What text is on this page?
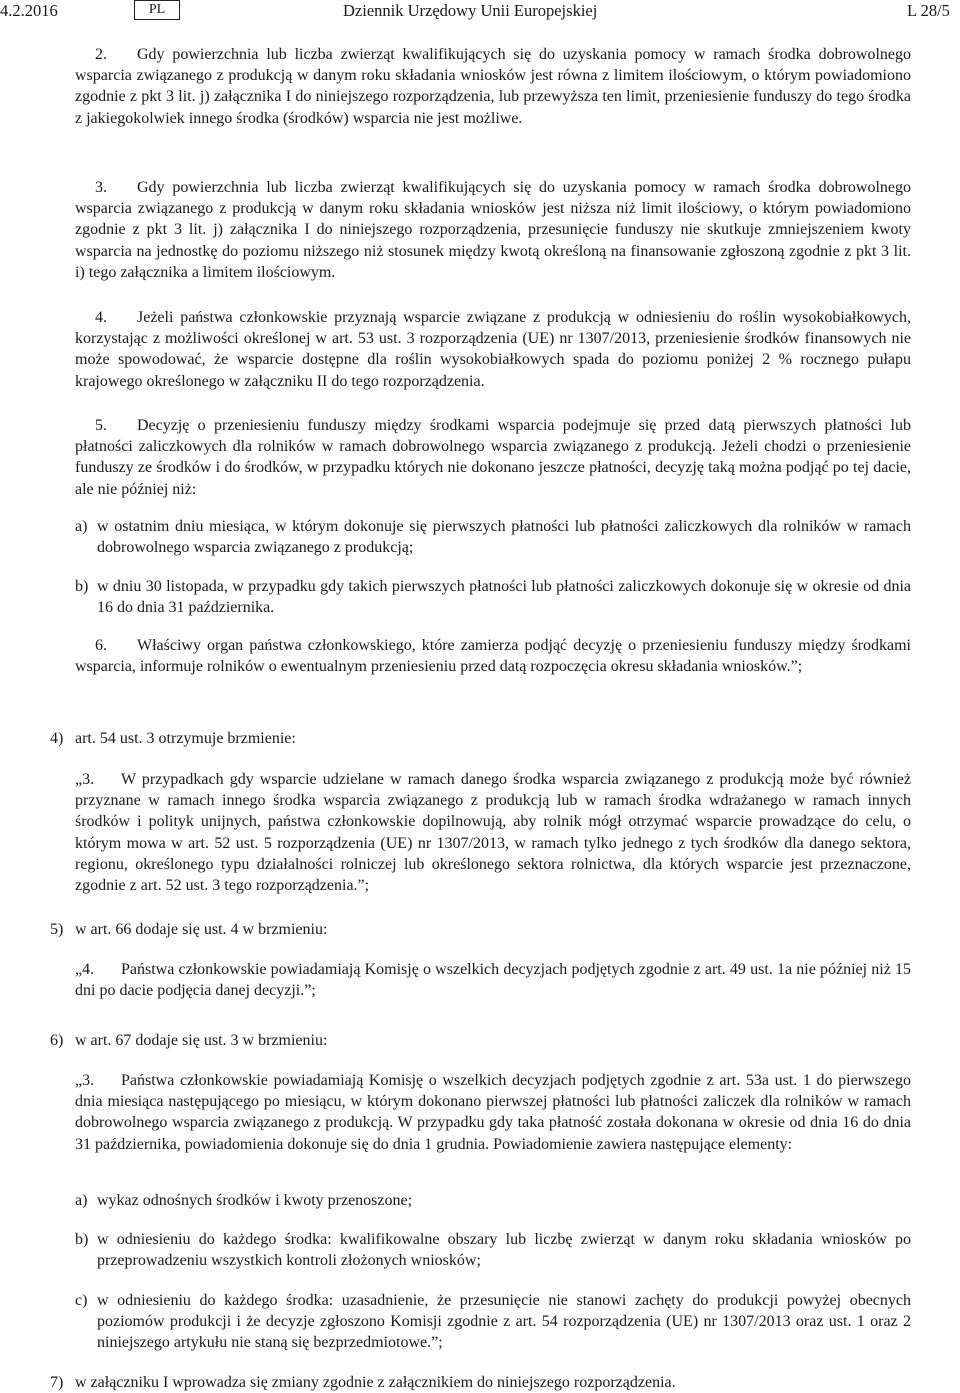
4.2.2016	PL	Dziennik Urzędowy Unii Europejskiej	L 28/5

2. Gdy powierzchnia lub liczba zwierząt kwalifikujących się do uzyskania pomocy w ramach środka dobrowolnego wsparcia związanego z produkcją w danym roku składania wniosków jest równa z limitem ilościowym, o którym powiadomiono zgodnie z pkt 3 lit. j) załącznika I do niniejszego rozporządzenia, lub przewyższa ten limit, przeniesienie funduszy do tego środka z jakiegokolwiek innego środka (środków) wsparcia nie jest możliwe.

3. Gdy powierzchnia lub liczba zwierząt kwalifikujących się do uzyskania pomocy w ramach środka dobrowolnego wsparcia związanego z produkcją w danym roku składania wniosków jest niższa niż limit ilościowy, o którym powiadomiono zgodnie z pkt 3 lit. j) załącznika I do niniejszego rozporządzenia, przesunięcie funduszy nie skutkuje zmniejszeniem kwoty wsparcia na jednostkę do poziomu niższego niż stosunek między kwotą określoną na finansowanie zgłoszoną zgodnie z pkt 3 lit. i) tego załącznika a limitem ilościowym.

4. Jeżeli państwa członkowskie przyznają wsparcie związane z produkcją w odniesieniu do roślin wysokobiałkowych, korzystając z możliwości określonej w art. 53 ust. 3 rozporządzenia (UE) nr 1307/2013, przeniesienie środków finansowych nie może spowodować, że wsparcie dostępne dla roślin wysokobiałkowych spada do poziomu poniżej 2 % rocznego pułapu krajowego określonego w załączniku II do tego rozporządzenia.

5. Decyzję o przeniesieniu funduszy między środkami wsparcia podejmuje się przed datą pierwszych płatności lub płatności zaliczkowych dla rolników w ramach dobrowolnego wsparcia związanego z produkcją. Jeżeli chodzi o przeniesienie funduszy ze środków i do środków, w przypadku których nie dokonano jeszcze płatności, decyzję taką można podjąć po tej dacie, ale nie później niż:

a) w ostatnim dniu miesiąca, w którym dokonuje się pierwszych płatności lub płatności zaliczkowych dla rolników w ramach dobrowolnego wsparcia związanego z produkcją;

b) w dniu 30 listopada, w przypadku gdy takich pierwszych płatności lub płatności zaliczkowych dokonuje się w okresie od dnia 16 do dnia 31 października.

6. Właściwy organ państwa członkowskiego, które zamierza podjąć decyzję o przeniesieniu funduszy między środkami wsparcia, informuje rolników o ewentualnym przeniesieniu przed datą rozpoczęcia okresu składania wniosków.”;

4) art. 54 ust. 3 otrzymuje brzmienie:

„3. W przypadkach gdy wsparcie udzielane w ramach danego środka wsparcia związanego z produkcją może być również przyznane w ramach innego środka wsparcia związanego z produkcją lub w ramach środka wdrażanego w ramach innych środków i polityk unijnych, państwa członkowskie dopilnowują, aby rolnik mógł otrzymać wsparcie prowadzące do celu, o którym mowa w art. 52 ust. 5 rozporządzenia (UE) nr 1307/2013, w ramach tylko jednego z tych środków dla danego sektora, regionu, określonego typu działalności rolniczej lub określonego sektora rolnictwa, dla których wsparcie jest przeznaczone, zgodnie z art. 52 ust. 3 tego rozporządzenia.”;

5) w art. 66 dodaje się ust. 4 w brzmieniu:

„4. Państwa członkowskie powiadamiają Komisję o wszelkich decyzjach podjętych zgodnie z art. 49 ust. 1a nie później niż 15 dni po dacie podjęcia danej decyzji.”;

6) w art. 67 dodaje się ust. 3 w brzmieniu:

„3. Państwa członkowskie powiadamiają Komisję o wszelkich decyzjach podjętych zgodnie z art. 53a ust. 1 do pierwszego dnia miesiąca następującego po miesiącu, w którym dokonano pierwszej płatności lub płatności zaliczek dla rolników w ramach dobrowolnego wsparcia związanego z produkcją. W przypadku gdy taka płatność została dokonana w okresie od dnia 16 do dnia 31 października, powiadomienia dokonuje się do dnia 1 grudnia. Powiadomienie zawiera następujące elementy:

a) wykaz odnośnych środków i kwoty przenoszone;

b) w odniesieniu do każdego środka: kwalifikowalne obszary lub liczbę zwierząt w danym roku składania wniosków po przeprowadzeniu wszystkich kontroli złożonych wniosków;

c) w odniesieniu do każdego środka: uzasadnienie, że przesunięcie nie stanowi zachęty do produkcji powyżej obecnych poziomów produkcji i że decyzje zgłoszono Komisji zgodnie z art. 54 rozporządzenia (UE) nr 1307/2013 oraz ust. 1 oraz 2 niniejszego artykułu nie staną się bezprzedmiotowe.”;

7) w załączniku I wprowadza się zmiany zgodnie z załącznikiem do niniejszego rozporządzenia.
